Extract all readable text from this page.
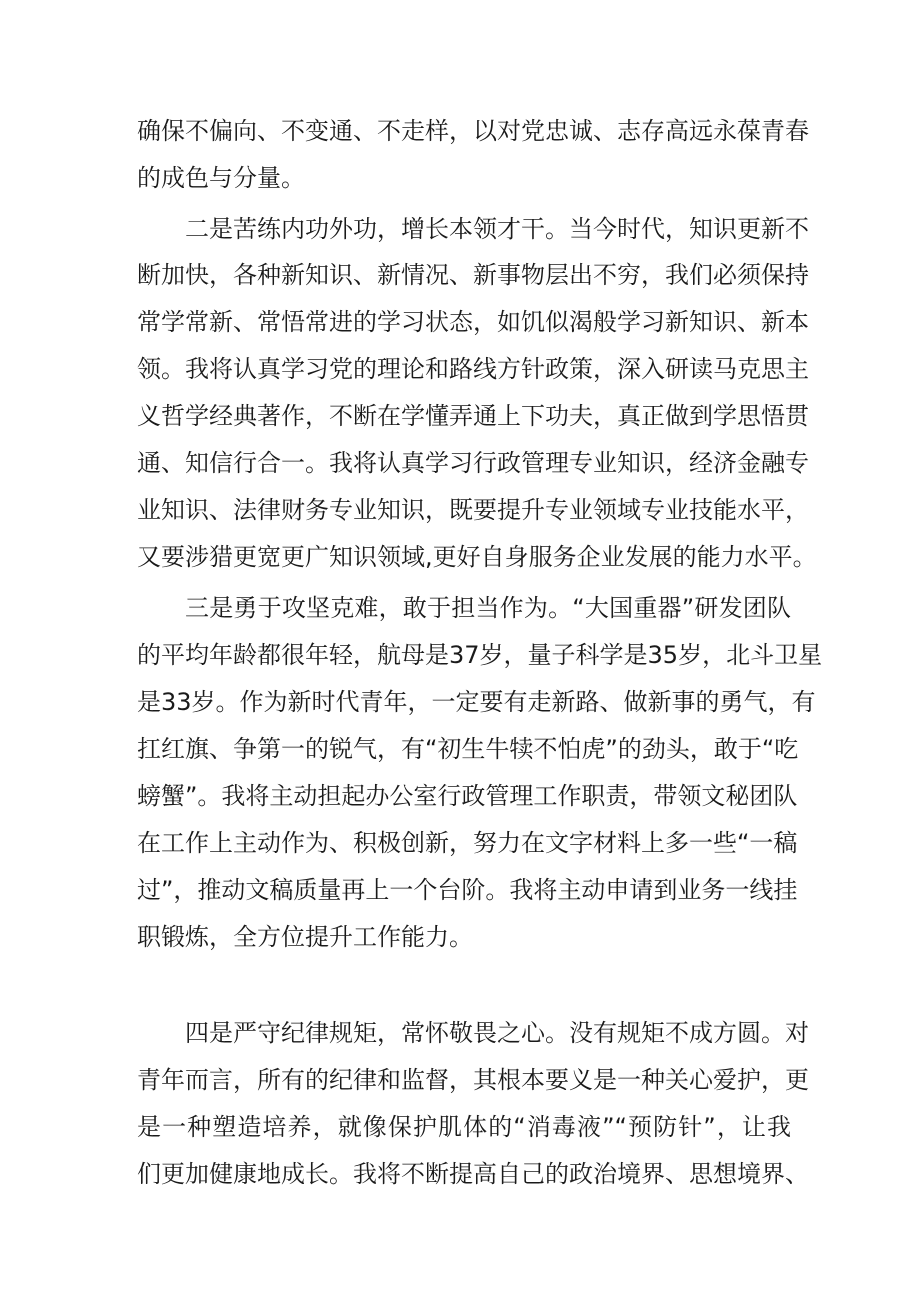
确保不偏向、不变通、不走样，以对党忠诚、志存高远永葆青春
的成色与分量。
二是苦练内功外功，增长本领才干。当今时代，知识更新不
断加快，各种新知识、新情况、新事物层出不穷，我们必须保持
常学常新、常悟常进的学习状态，如饥似渴般学习新知识、新本
领。我将认真学习党的理论和路线方针政策，深入研读马克思主
义哲学经典著作，不断在学懂弄通上下功夫，真正做到学思悟贯
通、知信行合一。我将认真学习行政管理专业知识，经济金融专
业知识、法律财务专业知识，既要提升专业领域专业技能水平，
又要涉猎更宽更广知识领域,更好自身服务企业发展的能力水平。
三是勇于攻坚克难，敢于担当作为。“大国重器”研发团队
的平均年龄都很年轻，航母是37岁，量子科学是35岁，北斗卫星
是33岁。作为新时代青年，一定要有走新路、做新事的勇气，有
扛红旗、争第一的锐气，有“初生牛犊不怕虎”的劲头，敢于“吃
螃蟹”。我将主动担起办公室行政管理工作职责，带领文秘团队
在工作上主动作为、积极创新，努力在文字材料上多一些“一稿
过”，推动文稿质量再上一个台阶。我将主动申请到业务一线挂
职锻炼，全方位提升工作能力。
四是严守纪律规矩，常怀敬畏之心。没有规矩不成方圆。对
青年而言，所有的纪律和监督，其根本要义是一种关心爱护，更
是一种塑造培养，就像保护肌体的“消毒液”“预防针”，让我
们更加健康地成长。我将不断提高自己的政治境界、思想境界、
